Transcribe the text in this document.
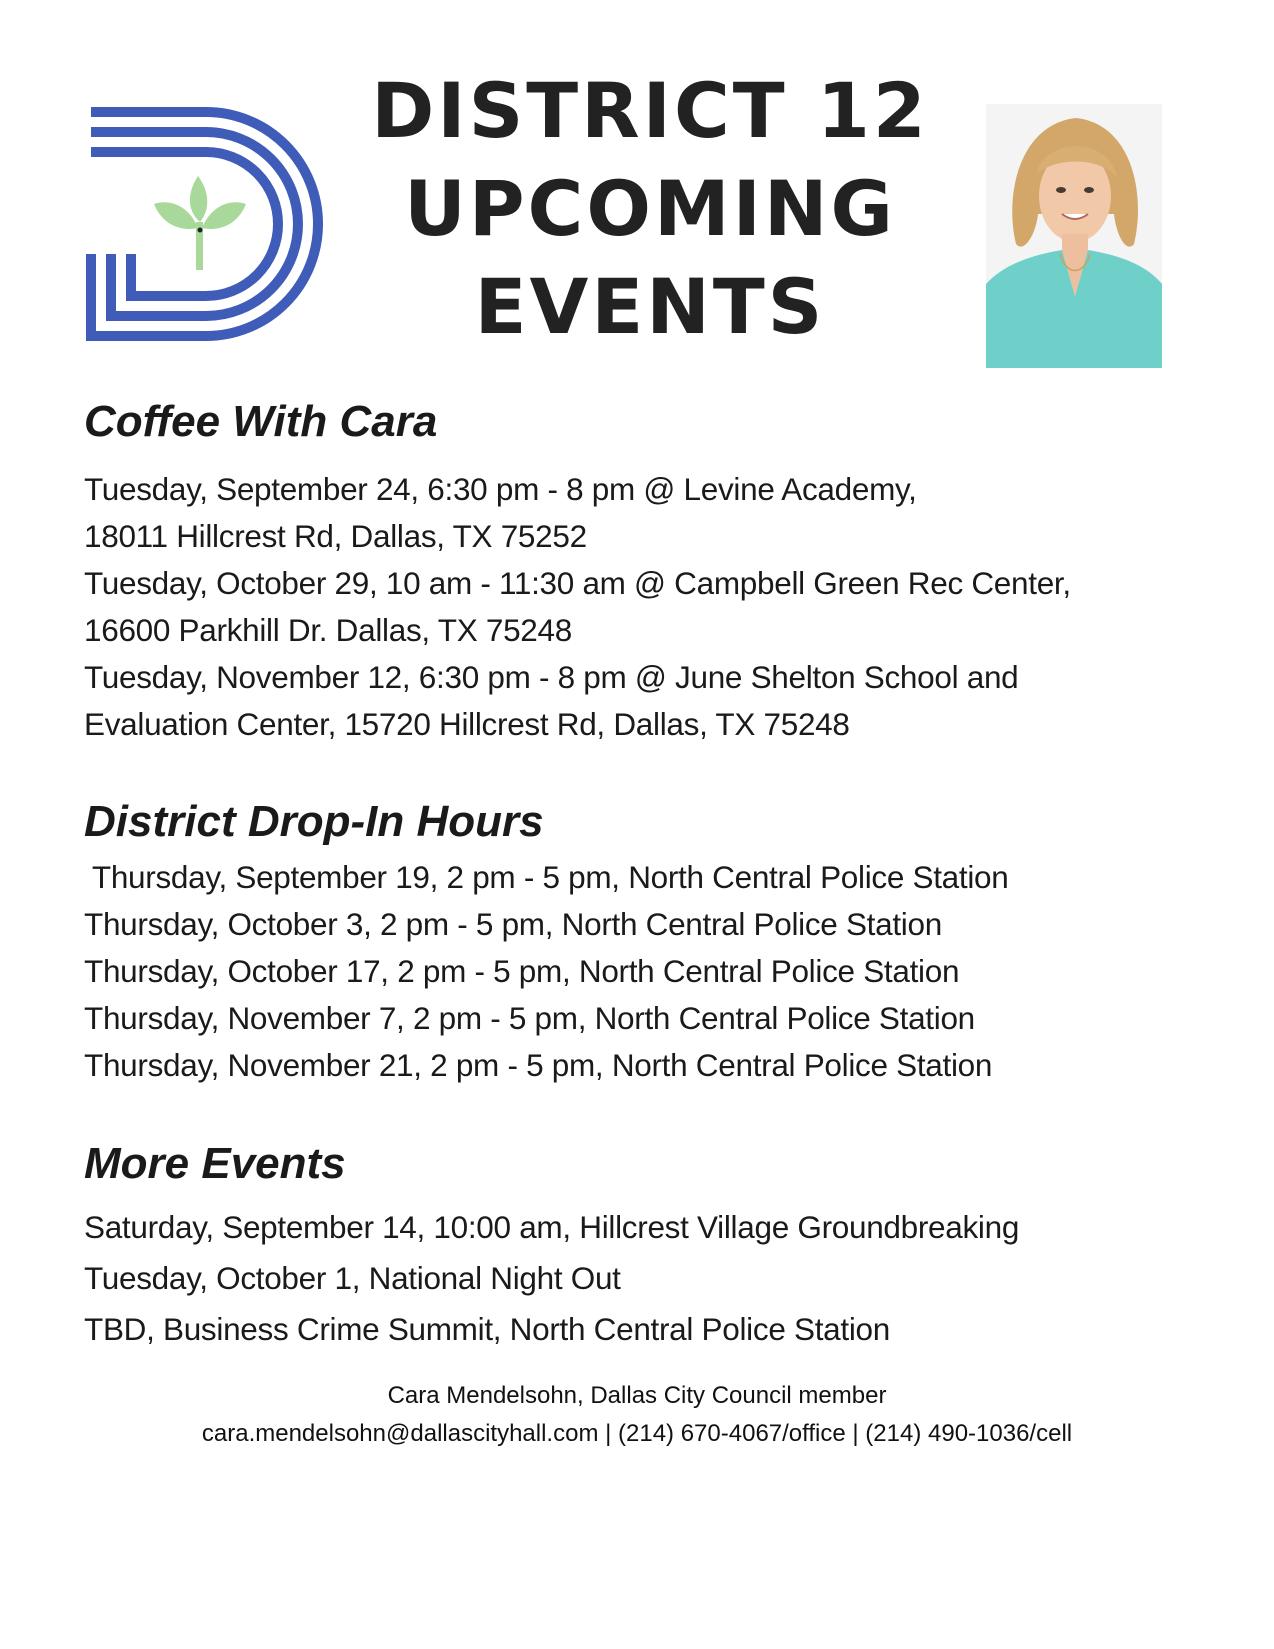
DISTRICT 12
UPCOMING
EVENTS
Coffee With Cara
Tuesday, September 24, 6:30 pm - 8 pm @ Levine Academy,
18011 Hillcrest Rd, Dallas, TX 75252
Tuesday, October 29, 10 am - 11:30 am @ Campbell Green Rec Center,
16600 Parkhill Dr. Dallas, TX 75248
Tuesday, November 12, 6:30 pm - 8 pm @ June Shelton School and
Evaluation Center, 15720 Hillcrest Rd, Dallas, TX 75248
District Drop-In Hours
Thursday, September 19, 2 pm - 5 pm, North Central Police Station
Thursday, October 3, 2 pm - 5 pm, North Central Police Station
Thursday, October 17, 2 pm - 5 pm, North Central Police Station
Thursday, November 7, 2 pm - 5 pm, North Central Police Station
Thursday, November 21, 2 pm - 5 pm, North Central Police Station
More Events
Saturday, September 14, 10:00 am, Hillcrest Village Groundbreaking
Tuesday, October 1, National Night Out
TBD, Business Crime Summit, North Central Police Station
Cara Mendelsohn, Dallas City Council member
cara.mendelsohn@dallascityhall.com | (214) 670-4067/office | (214) 490-1036/cell
